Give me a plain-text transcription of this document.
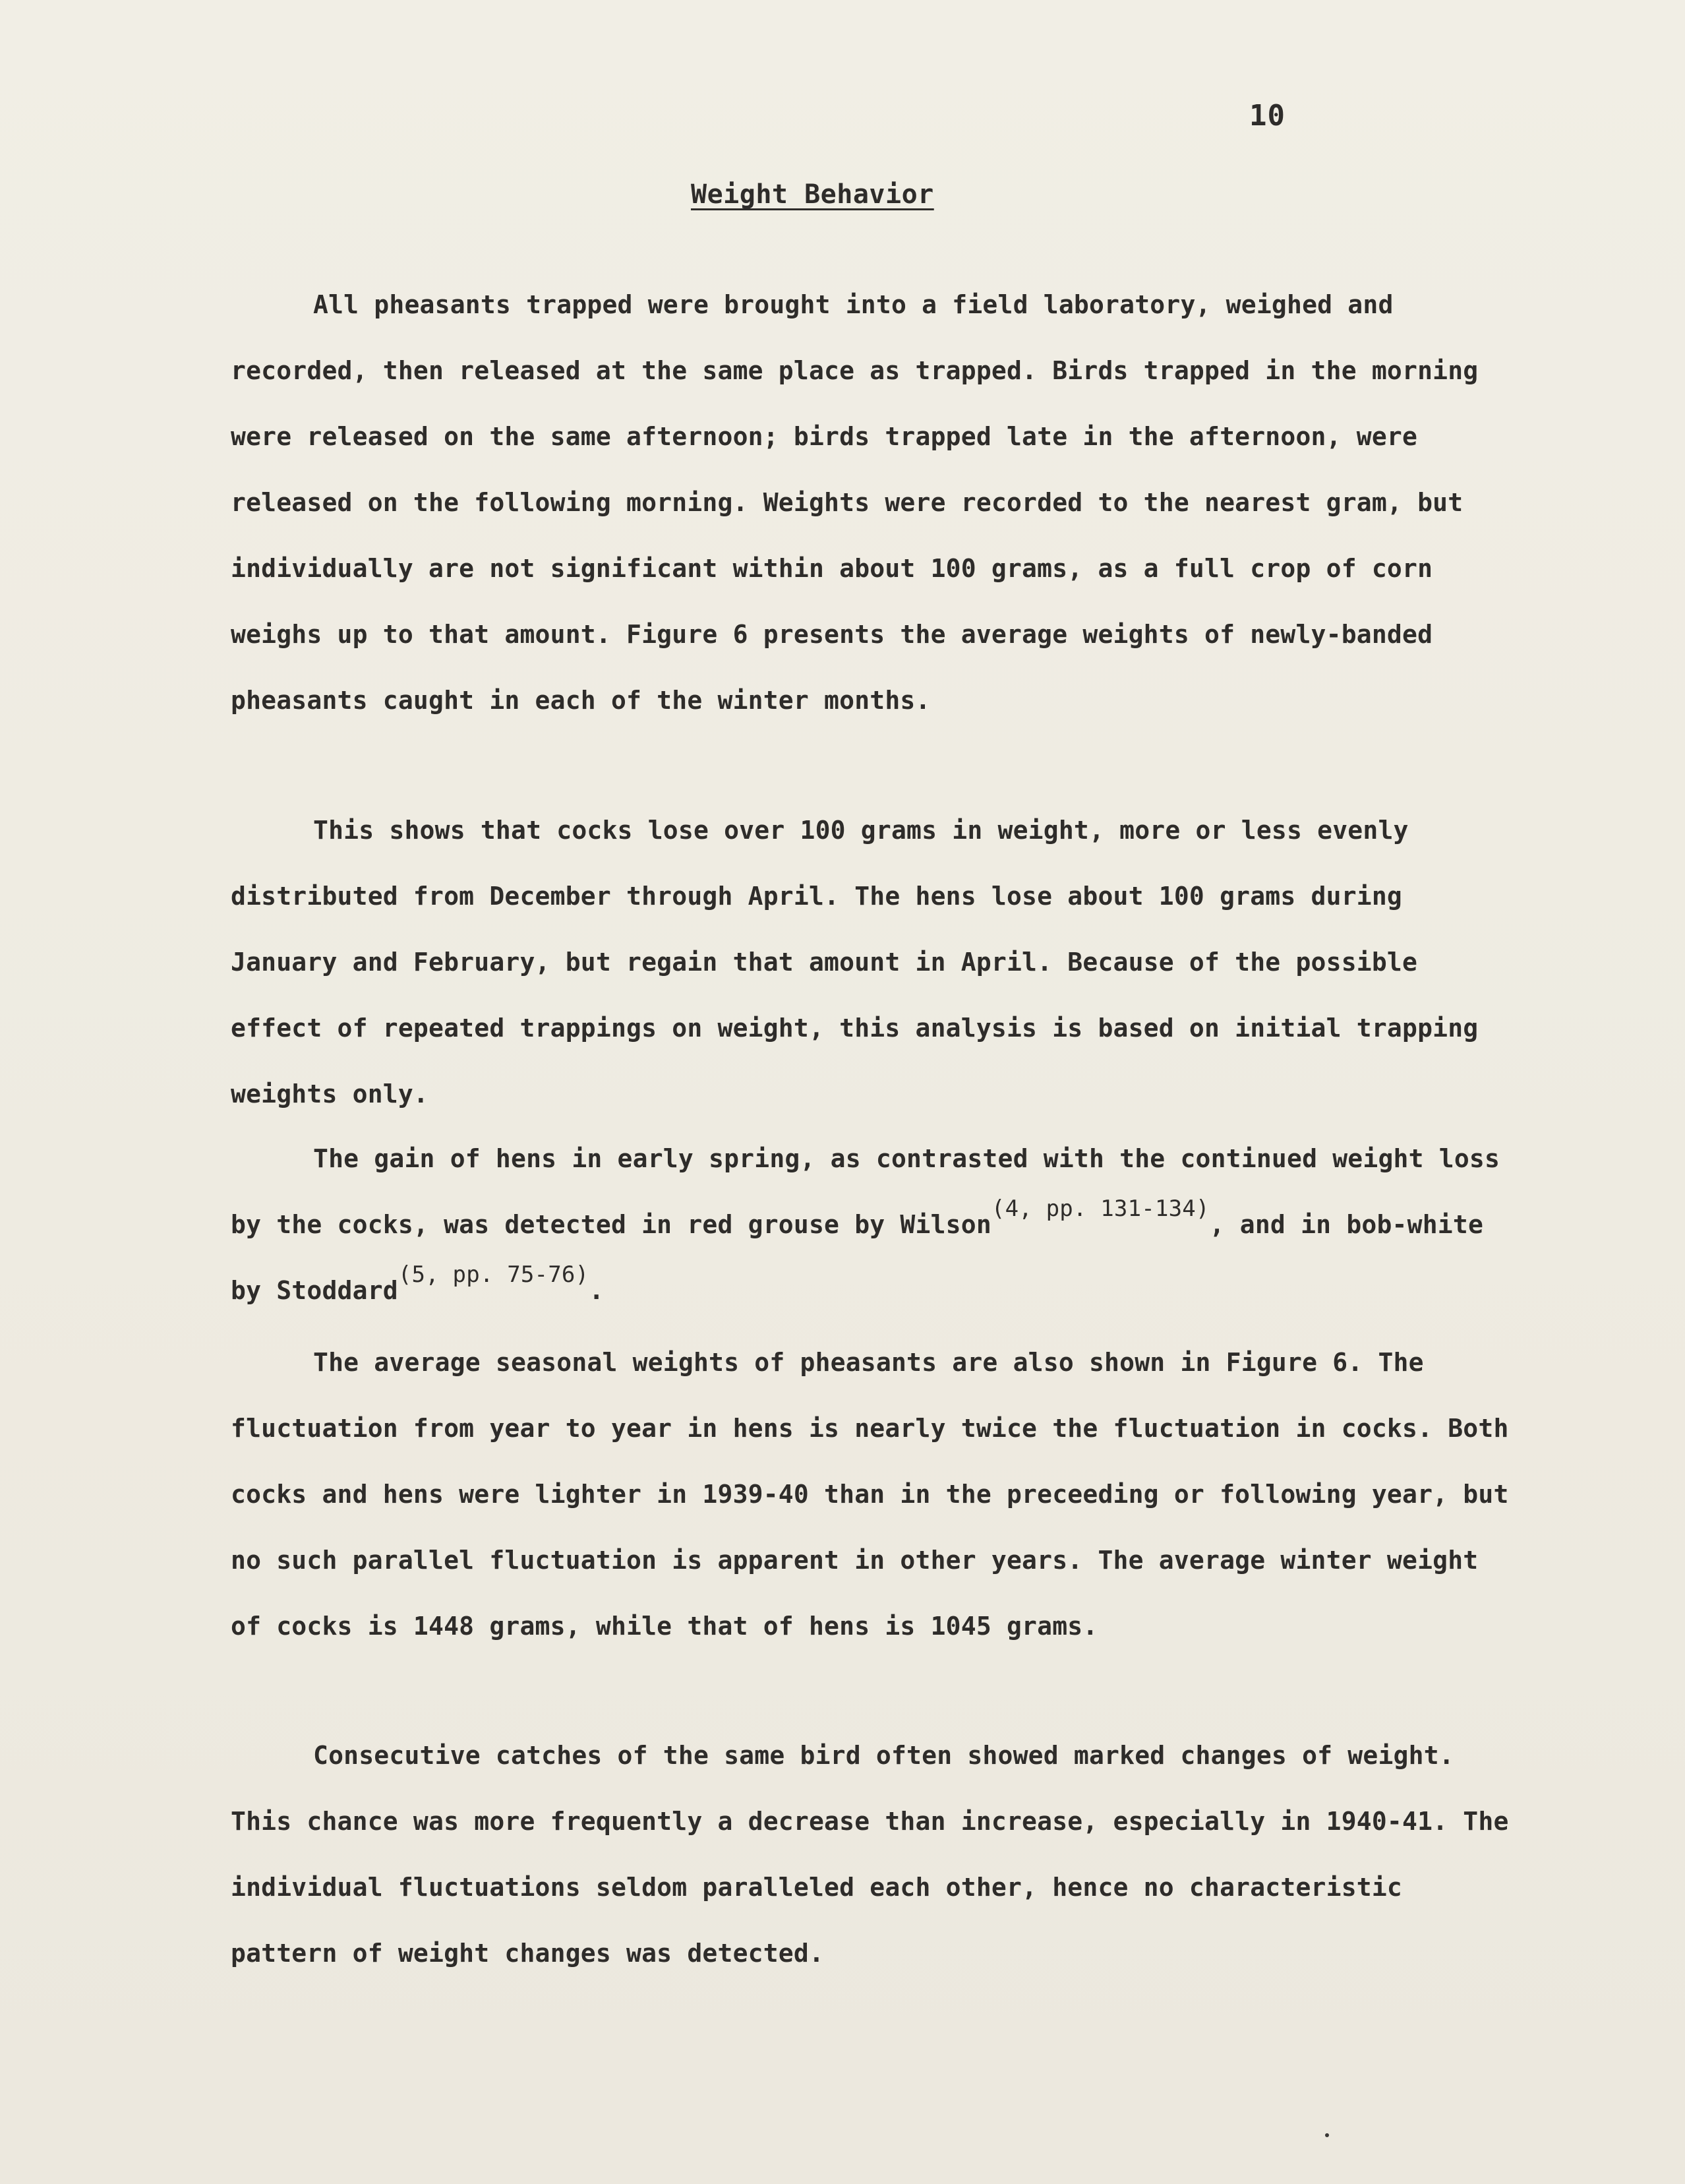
10
Weight Behavior

All pheasants trapped were brought into a field laboratory, weighed and recorded, then released at the same place as trapped. Birds trapped in the morning were released on the same afternoon; birds trapped late in the afternoon, were released on the following morning. Weights were recorded to the nearest gram, but individually are not significant within about 100 grams, as a full crop of corn weighs up to that amount. Figure 6 presents the average weights of newly-banded pheasants caught in each of the winter months.

This shows that cocks lose over 100 grams in weight, more or less evenly distributed from December through April. The hens lose about 100 grams during January and February, but regain that amount in April. Because of the possible effect of repeated trappings on weight, this analysis is based on initial trapping weights only.

The gain of hens in early spring, as contrasted with the continued weight loss by the cocks, was detected in red grouse by Wilson$^{(4, pp. 131-134)}$, and in bob-white by Stoddard$^{(5, pp. 75-76)}$.

The average seasonal weights of pheasants are also shown in Figure 6. The fluctuation from year to year in hens is nearly twice the fluctuation in cocks. Both cocks and hens were lighter in 1939-40 than in the preceeding or following year, but no such parallel fluctuation is apparent in other years. The average winter weight of cocks is 1448 grams, while that of hens is 1045 grams.

Consecutive catches of the same bird often showed marked changes of weight. This chance was more frequently a decrease than increase, especially in 1940-41. The individual fluctuations seldom paralleled each other, hence no characteristic pattern of weight changes was detected.
